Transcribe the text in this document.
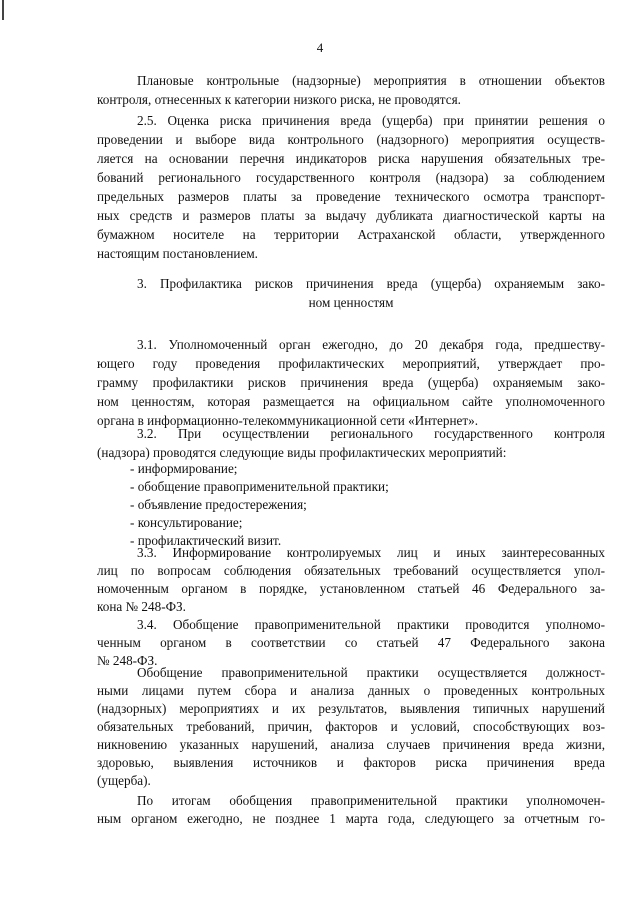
4
Плановые контрольные (надзорные) мероприятия в отношении объектов
контроля, отнесенных к категории низкого риска, не проводятся.
2.5. Оценка риска причинения вреда (ущерба) при принятии решения о
проведении и выборе вида контрольного (надзорного) мероприятия осуществ-
ляется на основании перечня индикаторов риска нарушения обязательных тре-
бований регионального государственного контроля (надзора) за соблюдением
предельных размеров платы за проведение технического осмотра транспорт-
ных средств и размеров платы за выдачу дубликата диагностической карты на
бумажном носителе на территории Астраханской области, утвержденного
настоящим постановлением.
3. Профилактика рисков причинения вреда (ущерба) охраняемым зако-
ном ценностям
3.1. Уполномоченный орган ежегодно, до 20 декабря года, предшеству-
ющего году проведения профилактических мероприятий, утверждает про-
грамму профилактики рисков причинения вреда (ущерба) охраняемым зако-
ном ценностям, которая размещается на официальном сайте уполномоченного
органа в информационно-телекоммуникационной сети «Интернет».
3.2. При осуществлении регионального государственного контроля
(надзора) проводятся следующие виды профилактических мероприятий:
- информирование;
- обобщение правоприменительной практики;
- объявление предостережения;
- консультирование;
- профилактический визит.
3.3. Информирование контролируемых лиц и иных заинтересованных
лиц по вопросам соблюдения обязательных требований осуществляется упол-
номоченным органом в порядке, установленном статьей 46 Федерального за-
кона № 248-ФЗ.
3.4. Обобщение правоприменительной практики проводится уполномо-
ченным органом в соответствии со статьей 47 Федерального закона
№ 248-ФЗ.
Обобщение правоприменительной практики осуществляется должност-
ными лицами путем сбора и анализа данных о проведенных контрольных
(надзорных) мероприятиях и их результатов, выявления типичных нарушений
обязательных требований, причин, факторов и условий, способствующих воз-
никновению указанных нарушений, анализа случаев причинения вреда жизни,
здоровью, выявления источников и факторов риска причинения вреда
(ущерба).
По итогам обобщения правоприменительной практики уполномочен-
ным органом ежегодно, не позднее 1 марта года, следующего за отчетным го-
